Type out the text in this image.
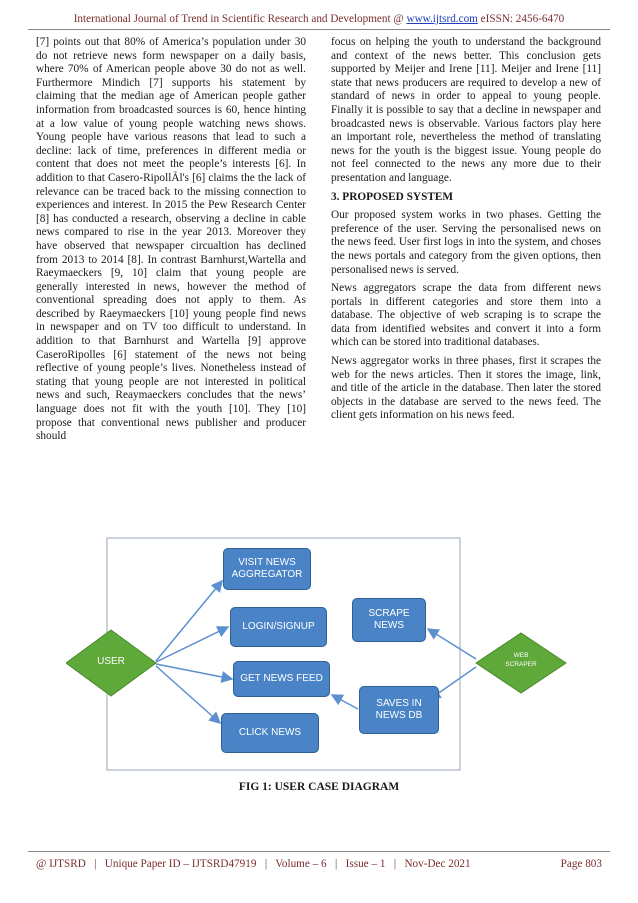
International Journal of Trend in Scientific Research and Development @ www.ijtsrd.com eISSN: 2456-6470

[7] points out that 80% of America’s population under 30 do not retrieve news form newspaper on a daily basis, where 70% of American people above 30 do not as well. Furthermore Mindich [7] supports his statement by claiming that the median age of American people gather information from broadcasted sources is 60, hence hinting at a low value of young people watching news shows. Young people have various reasons that lead to such a decline: lack of time, preferences in different media or content that does not meet the people’s interests [6]. In addition to that Casero-RipollÃl's [6] claims the the lack of relevance can be traced back to the missing connection to experiences and interest. In 2015 the Pew Research Center [8] has conducted a research, observing a decline in cable news compared to rise in the year 2013. Moreover they have observed that newspaper circualtion has declined from 2013 to 2014 [8]. In contrast Barnhurst,Wartella and Raeymaeckers [9, 10] claim that young people are generally interested in news, however the method of conventional spreading does not apply to them. As described by Raeymaeckers [10] young people find news in newspaper and on TV too difficult to understand. In addition to that Barnhurst and Wartella [9] approve CaseroRipolles [6] statement of the news not being reflective of young people’s lives. Nonetheless instead of stating that young people are not interested in political news and such, Reaymaeckers concludes that the news’ language does not fit with the youth [10]. They [10] propose that conventional news publisher and producer should

focus on helping the youth to understand the background and context of the news better. This conclusion gets supported by Meijer and Irene [11]. Meijer and Irene [11] state that news producers are required to develop a new of standard of news in order to appeal to young people. Finally it is possible to say that a decline in newspaper and broadcasted news is observable. Various factors play here an important role, nevertheless the method of translating news for the youth is the biggest issue. Young people do not feel connected to the news any more due to their presentation and language.

3. PROPOSED SYSTEM

Our proposed system works in two phases. Getting the preference of the user. Serving the personalised news on the news feed. User first logs in into the system, and choses the news portals and category from the given options, then personalised news is served.

News aggregators scrape the data from different news portals in different categories and store them into a database. The objective of web scraping is to scrape the data from identified websites and convert it into a form which can be stored into traditional databases.

News aggregator works in three phases, first it scrapes the web for the news articles. Then it stores the image, link, and title of the article in the database. Then later the stored objects in the database are served to the news feed. The client gets information on his news feed.

USER
WEB
SCRAPER
VISIT NEWS AGGREGATOR
LOGIN/SIGNUP
GET NEWS FEED
CLICK NEWS
SCRAPE NEWS
SAVES IN NEWS DB
FIG 1: USER CASE DIAGRAM
@ IJTSRD   |   Unique Paper ID – IJTSRD47919   |   Volume – 6   |   Issue – 1   |   Nov-Dec 2021	Page 803
